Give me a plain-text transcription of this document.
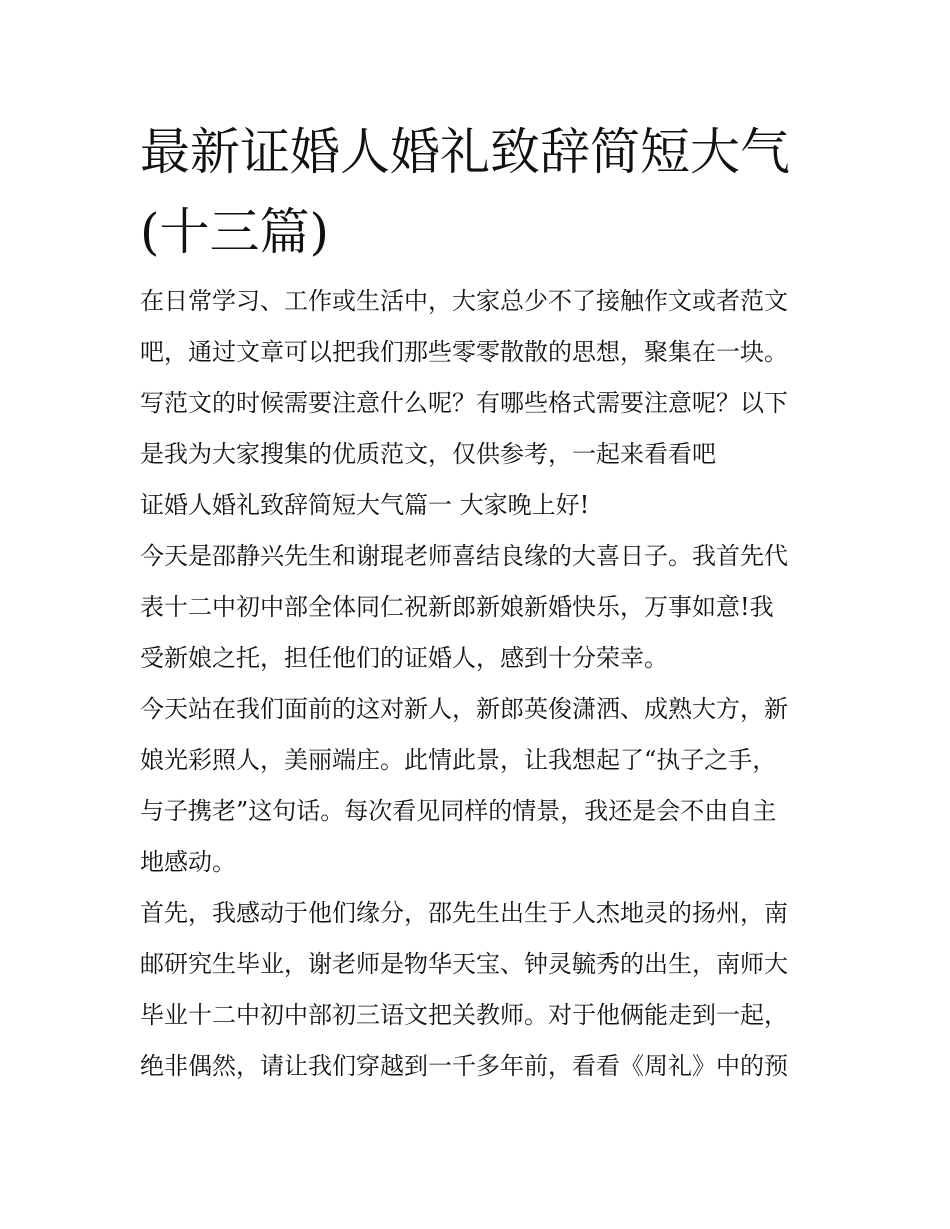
最新证婚人婚礼致辞简短大气
(十三篇)
在日常学习、工作或生活中，大家总少不了接触作文或者范文
吧，通过文章可以把我们那些零零散散的思想，聚集在一块。
写范文的时候需要注意什么呢？有哪些格式需要注意呢？以下
是我为大家搜集的优质范文，仅供参考，一起来看看吧
证婚人婚礼致辞简短大气篇一 大家晚上好!
今天是邵静兴先生和谢琨老师喜结良缘的大喜日子。我首先代
表十二中初中部全体同仁祝新郎新娘新婚快乐，万事如意!我
受新娘之托，担任他们的证婚人，感到十分荣幸。
今天站在我们面前的这对新人，新郎英俊潇洒、成熟大方，新
娘光彩照人，美丽端庄。此情此景，让我想起了“执子之手，
与子携老”这句话。每次看见同样的情景，我还是会不由自主
地感动。
首先，我感动于他们缘分，邵先生出生于人杰地灵的扬州，南
邮研究生毕业，谢老师是物华天宝、钟灵毓秀的出生，南师大
毕业十二中初中部初三语文把关教师。对于他俩能走到一起，
绝非偶然，请让我们穿越到一千多年前，看看《周礼》中的预
